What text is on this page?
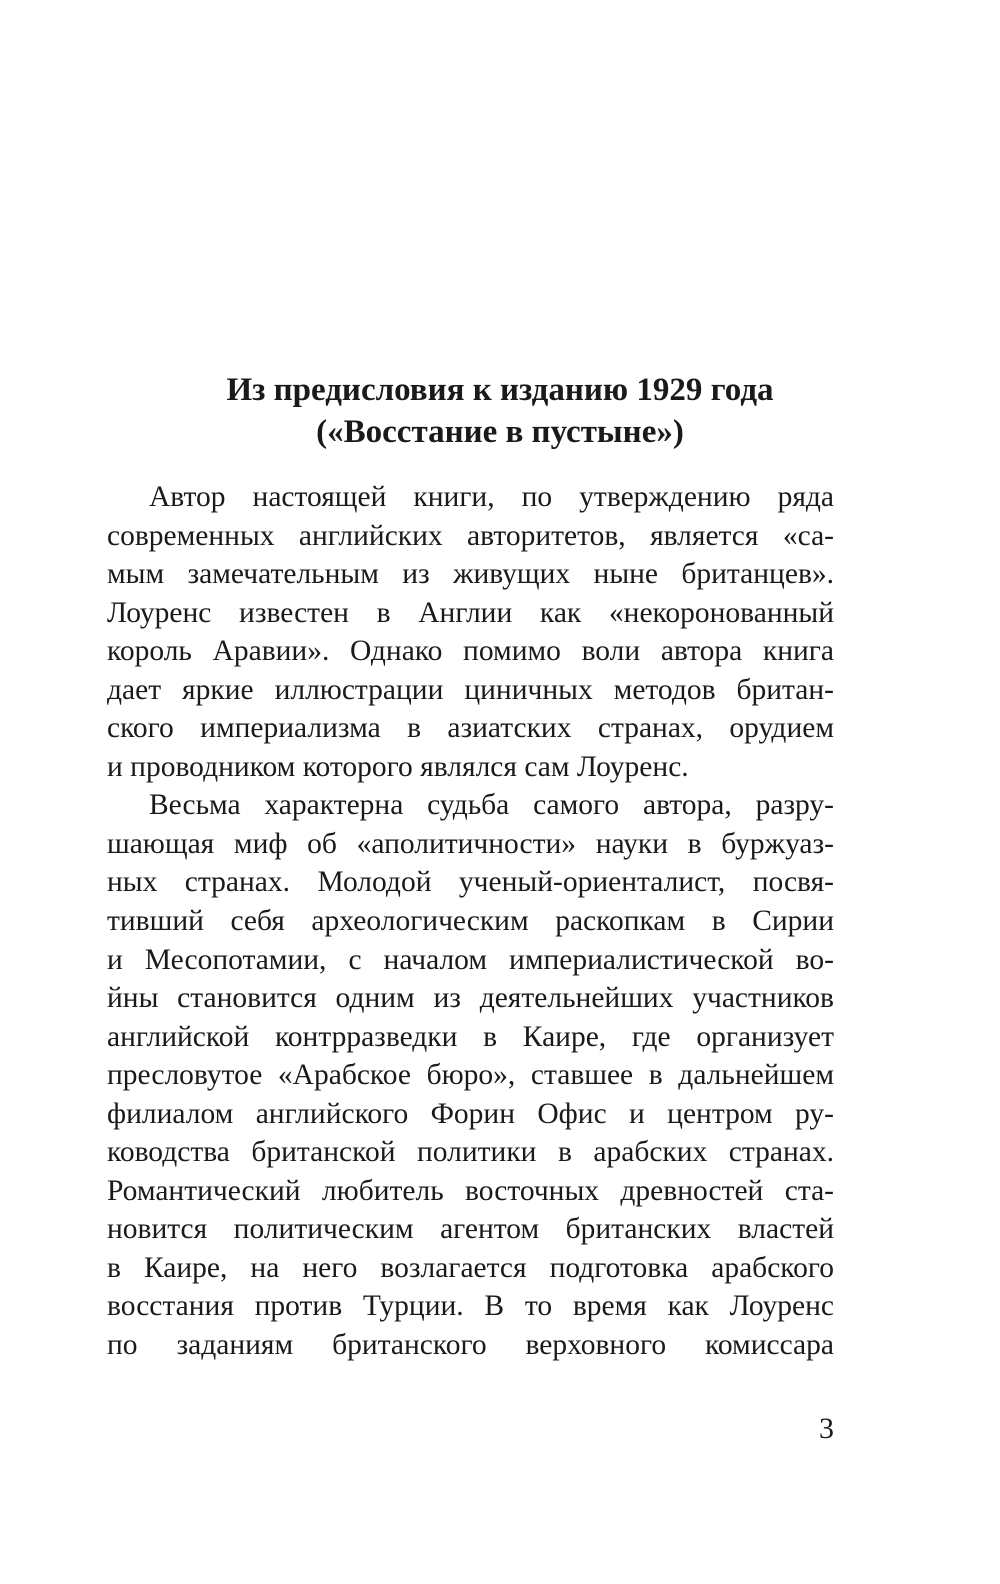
Из предисловия к изданию 1929 года
(«Восстание в пустыне»)
Автор настоящей книги, по утверждению ряда
современных английских авторитетов, является «са-
мым замечательным из живущих ныне британцев».
Лоуренс известен в Англии как «некоронованный
король Аравии». Однако помимо воли автора книга
дает яркие иллюстрации циничных методов британ-
ского империализма в азиатских странах, орудием
и проводником которого являлся сам Лоуренс.
Весьма характерна судьба самого автора, разру-
шающая миф об «аполитичности» науки в буржуаз-
ных странах. Молодой ученый-ориенталист, посвя-
тивший себя археологическим раскопкам в Сирии
и Месопотамии, с началом империалистической во-
йны становится одним из деятельнейших участников
английской контрразведки в Каире, где организует
пресловутое «Арабское бюро», ставшее в дальнейшем
филиалом английского Форин Офис и центром ру-
ководства британской политики в арабских странах.
Романтический любитель восточных древностей ста-
новится политическим агентом британских властей
в Каире, на него возлагается подготовка арабского
восстания против Турции. В то время как Лоуренс
по заданиям британского верховного комиссара
3
